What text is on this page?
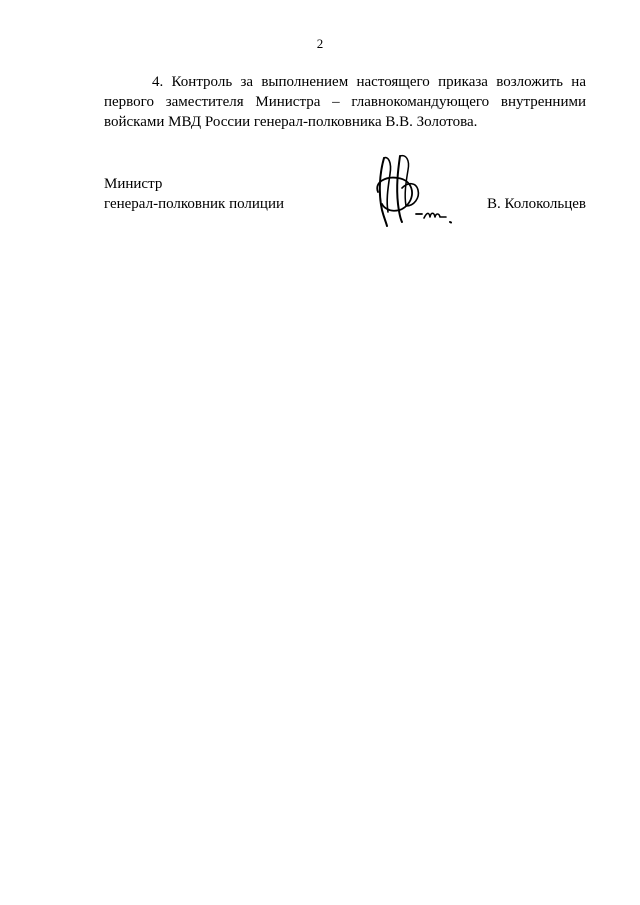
2

4. Контроль за выполнением настоящего приказа возложить на
первого заместителя Министра – главнокомандующего внутренними
войсками МВД России генерал-полковника В.В. Золотова.

Министр
генерал-полковник полиции	В. Колокольцев
